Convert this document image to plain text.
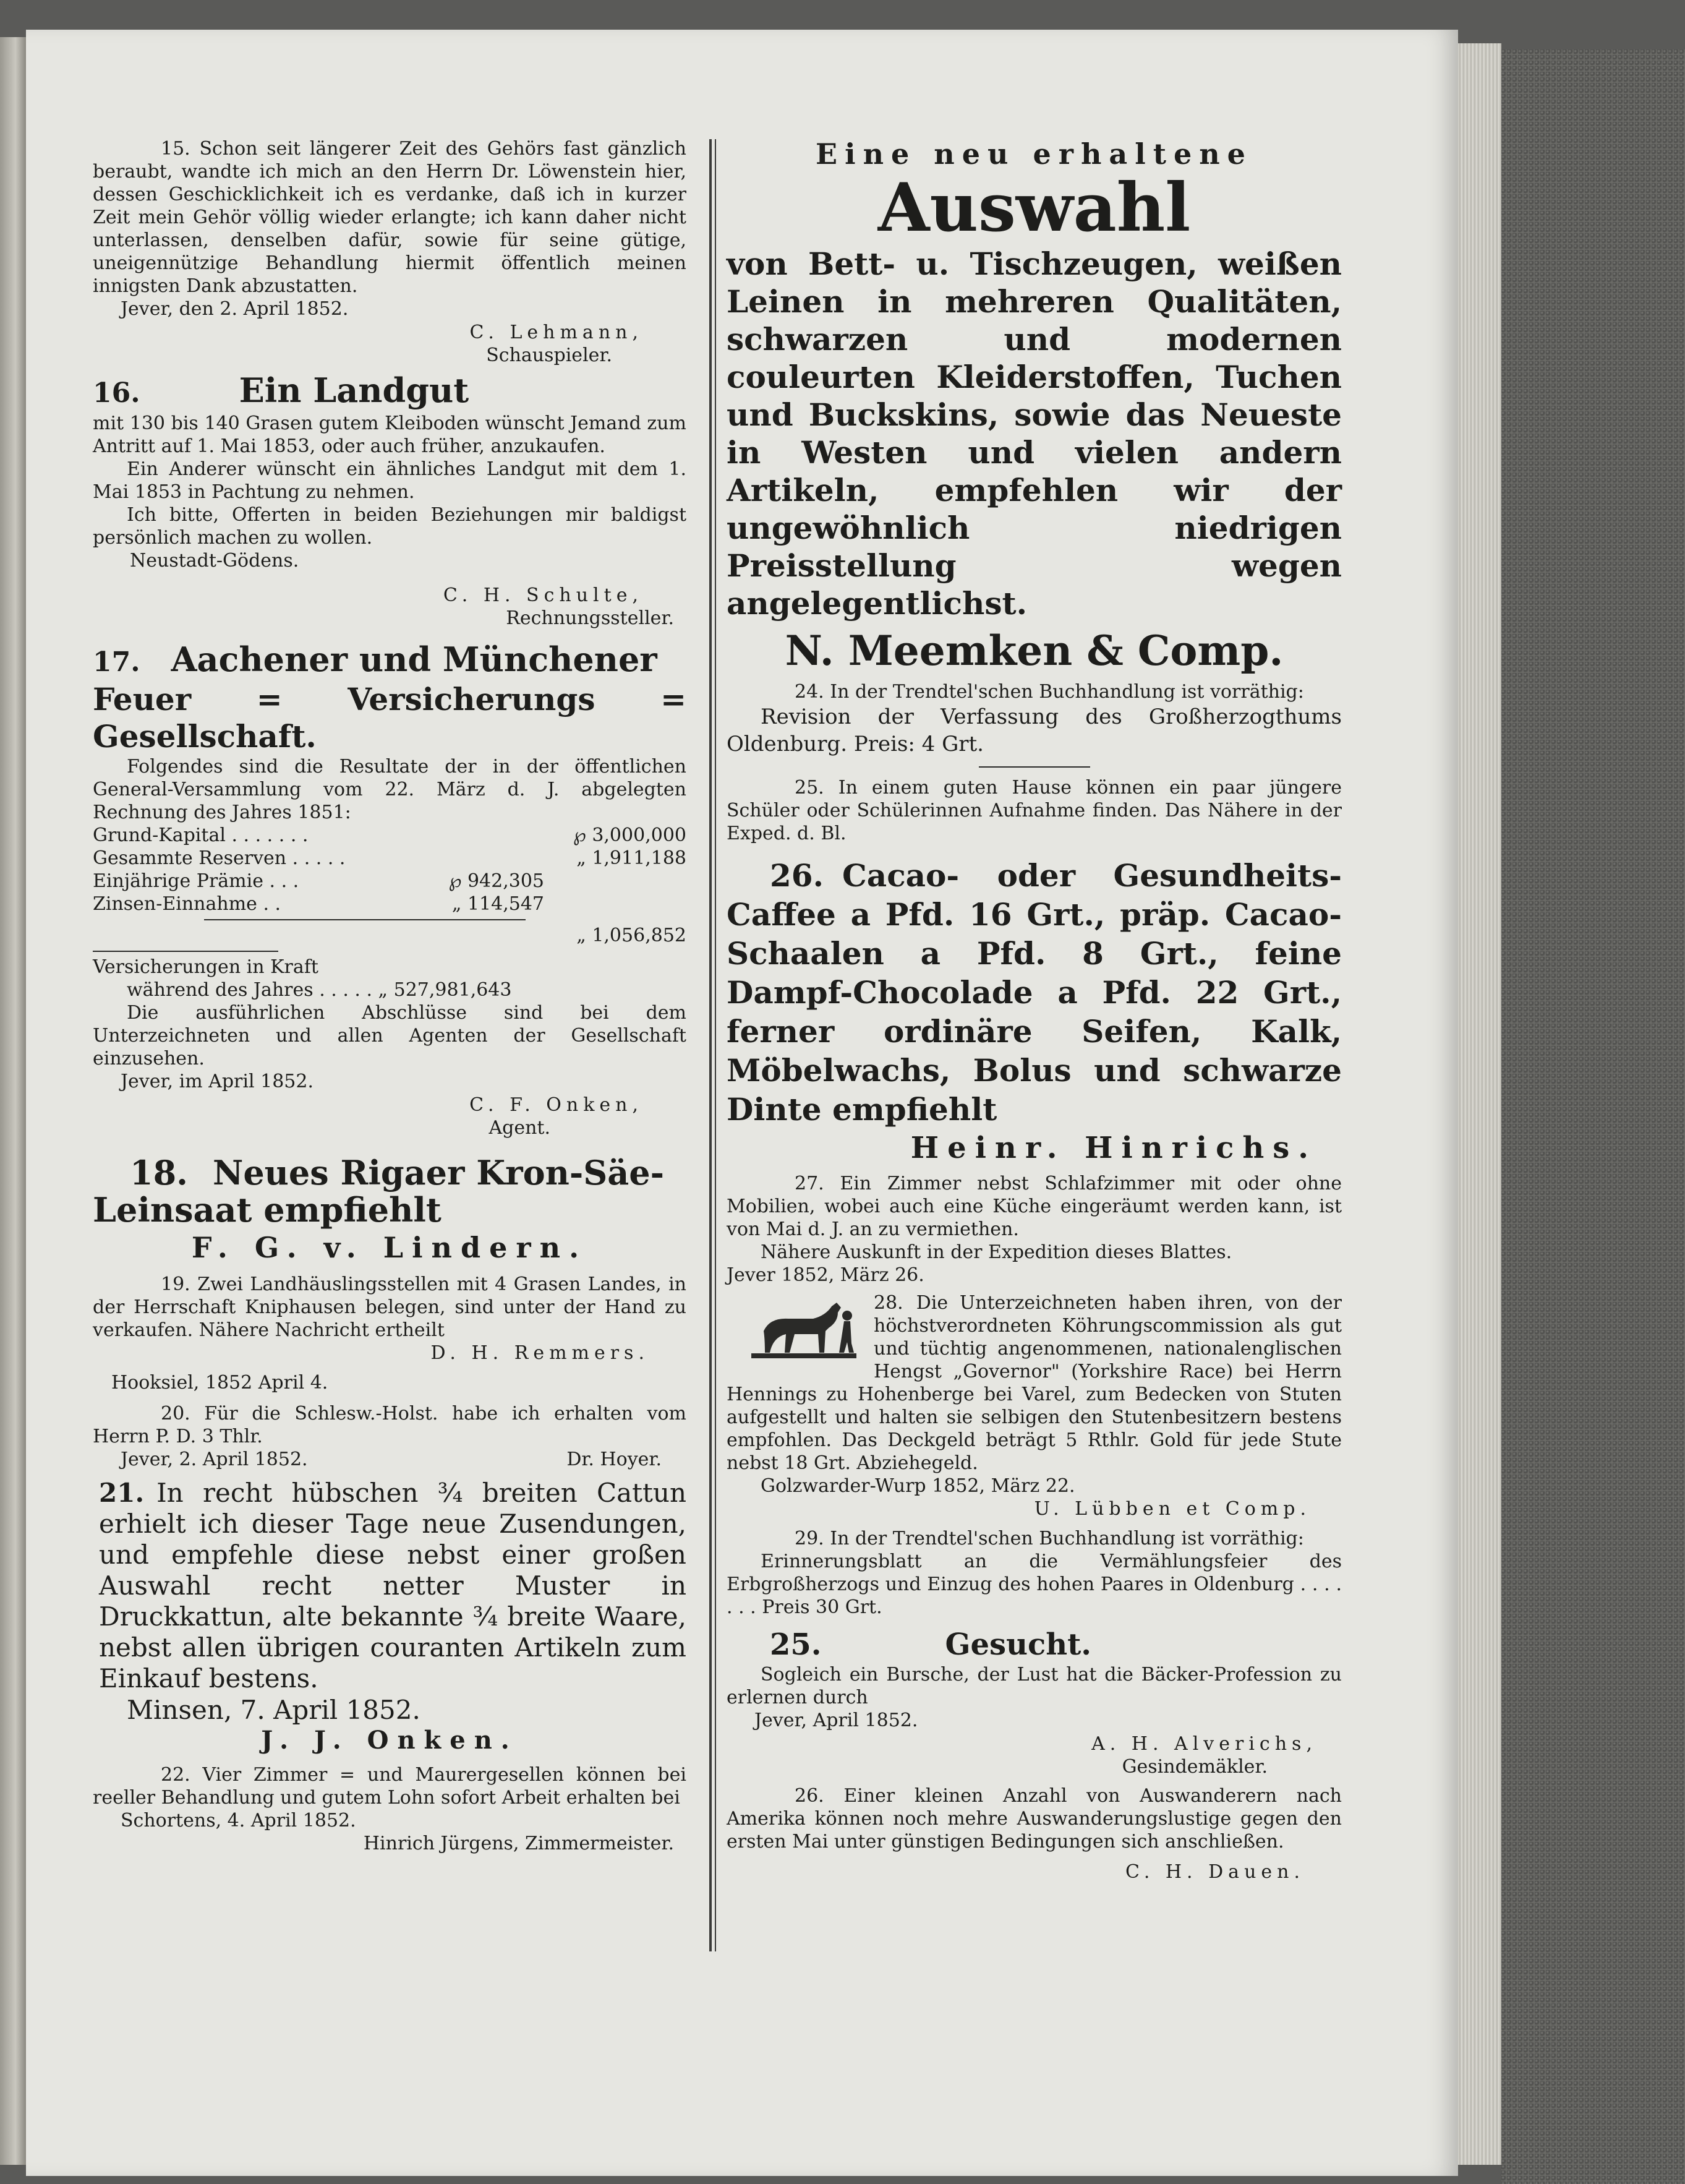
15. Schon seit längerer Zeit des Gehörs fast gänzlich beraubt, wandte ich mich an den Herrn Dr. Löwenstein hier, dessen Geschicklichkeit ich es verdanke, daß ich in kurzer Zeit mein Gehör völlig wieder erlangte; ich kann daher nicht unterlassen, denselben dafür, sowie für seine gütige, uneigennützige Behandlung hiermit öffentlich meinen innigsten Dank abzustatten.

Jever, den 2. April 1852.

C. Lehmann,

Schauspieler.

16.	Ein Landgut

mit 130 bis 140 Grasen gutem Kleiboden wünscht Jemand zum Antritt auf 1. Mai 1853, oder auch früher, anzukaufen.

Ein Anderer wünscht ein ähnliches Landgut mit dem 1. Mai 1853 in Pachtung zu nehmen.

Ich bitte, Offerten in beiden Beziehungen mir baldigst persönlich machen zu wollen.

Neustadt-Gödens.

C. H. Schulte,

Rechnungssteller.

17. Aachener und Münchener

Feuer = Versicherungs = Gesellschaft.

Folgendes sind die Resultate der in der öffentlichen General-Versammlung vom 22. März d. J. abgelegten Rechnung des Jahres 1851:

Grund-Kapital . . . . . . .	℘ 3,000,000
Gesammte Reserven . . . . .	„ 1,911,188
Einjährige Prämie . . .	℘ 942,305
Zinsen-Einnahme . .	„ 114,547
„ 1,056,852

Versicherungen in Kraft

während des Jahres . . . . . „ 527,981,643

Die ausführlichen Abschlüsse sind bei dem Unterzeichneten und allen Agenten der Gesellschaft einzusehen.

Jever, im April 1852.

C. F. Onken,

Agent.

18. Neues Rigaer Kron-Säe-

Leinsaat empfiehlt

F. G. v. Lindern.

19. Zwei Landhäuslingsstellen mit 4 Grasen Landes, in der Herrschaft Kniphausen belegen, sind unter der Hand zu verkaufen. Nähere Nachricht ertheilt

D. H. Remmers.

Hooksiel, 1852 April 4.

20. Für die Schlesw.-Holst. habe ich erhalten vom Herrn P. D. 3 Thlr.

Jever, 2. April 1852.	Dr. Hoyer.

21. In recht hübschen ¾ breiten Cattun erhielt ich dieser Tage neue Zusendungen, und empfehle diese nebst einer großen Auswahl recht netter Muster in Druckkattun, alte bekannte ¾ breite Waare, nebst allen übrigen couranten Artikeln zum Einkauf bestens.

Minsen, 7. April 1852.

J. J. Onken.

22. Vier Zimmer = und Maurergesellen können bei reeller Behandlung und gutem Lohn sofort Arbeit erhalten bei

Schortens, 4. April 1852.

Hinrich Jürgens, Zimmermeister.

Eine neu erhaltene

Auswahl

von Bett- u. Tischzeugen, weißen Leinen in mehreren Qualitäten, schwarzen und modernen couleurten Kleiderstoffen, Tuchen und Buckskins, sowie das Neueste in Westen und vielen andern Artikeln, empfehlen wir der ungewöhnlich niedrigen Preisstellung wegen angelegentlichst.

N. Meemken & Comp.

24. In der Trendtel'schen Buchhandlung ist vorräthig:

Revision der Verfassung des Großherzogthums Oldenburg. Preis: 4 Grt.

25. In einem guten Hause können ein paar jüngere Schüler oder Schülerinnen Aufnahme finden. Das Nähere in der Exped. d. Bl.

26. Cacao- oder Gesundheits-Caffee a Pfd. 16 Grt., präp. Cacao-Schaalen a Pfd. 8 Grt., feine Dampf-Chocolade a Pfd. 22 Grt., ferner ordinäre Seifen, Kalk, Möbelwachs, Bolus und schwarze Dinte empfiehlt

Heinr. Hinrichs.

27. Ein Zimmer nebst Schlafzimmer mit oder ohne Mobilien, wobei auch eine Küche eingeräumt werden kann, ist von Mai d. J. an zu vermiethen.

Nähere Auskunft in der Expedition dieses Blattes.

Jever 1852, März 26.

28. Die Unterzeichneten haben ihren, von der höchstverordneten Köhrungscommission als gut und tüchtig angenommenen, nationalenglischen Hengst „Governor" (Yorkshire Race) bei Herrn Hennings zu Hohenberge bei Varel, zum Bedecken von Stuten aufgestellt und halten sie selbigen den Stutenbesitzern bestens empfohlen. Das Deckgeld beträgt 5 Rthlr. Gold für jede Stute nebst 18 Grt. Abziehegeld.

Golzwarder-Wurp 1852, März 22.

U. Lübben et Comp.

29. In der Trendtel'schen Buchhandlung ist vorräthig:

Erinnerungsblatt an die Vermählungsfeier des Erbgroßherzogs und Einzug des hohen Paares in Oldenburg . . . . . . . Preis 30 Grt.

25.	Gesucht.

Sogleich ein Bursche, der Lust hat die Bäcker-Profession zu erlernen durch

Jever, April 1852.

A. H. Alverichs,

Gesindemäkler.

26. Einer kleinen Anzahl von Auswanderern nach Amerika können noch mehre Auswanderungslustige gegen den ersten Mai unter günstigen Bedingungen sich anschließen.

C. H. Dauen.
